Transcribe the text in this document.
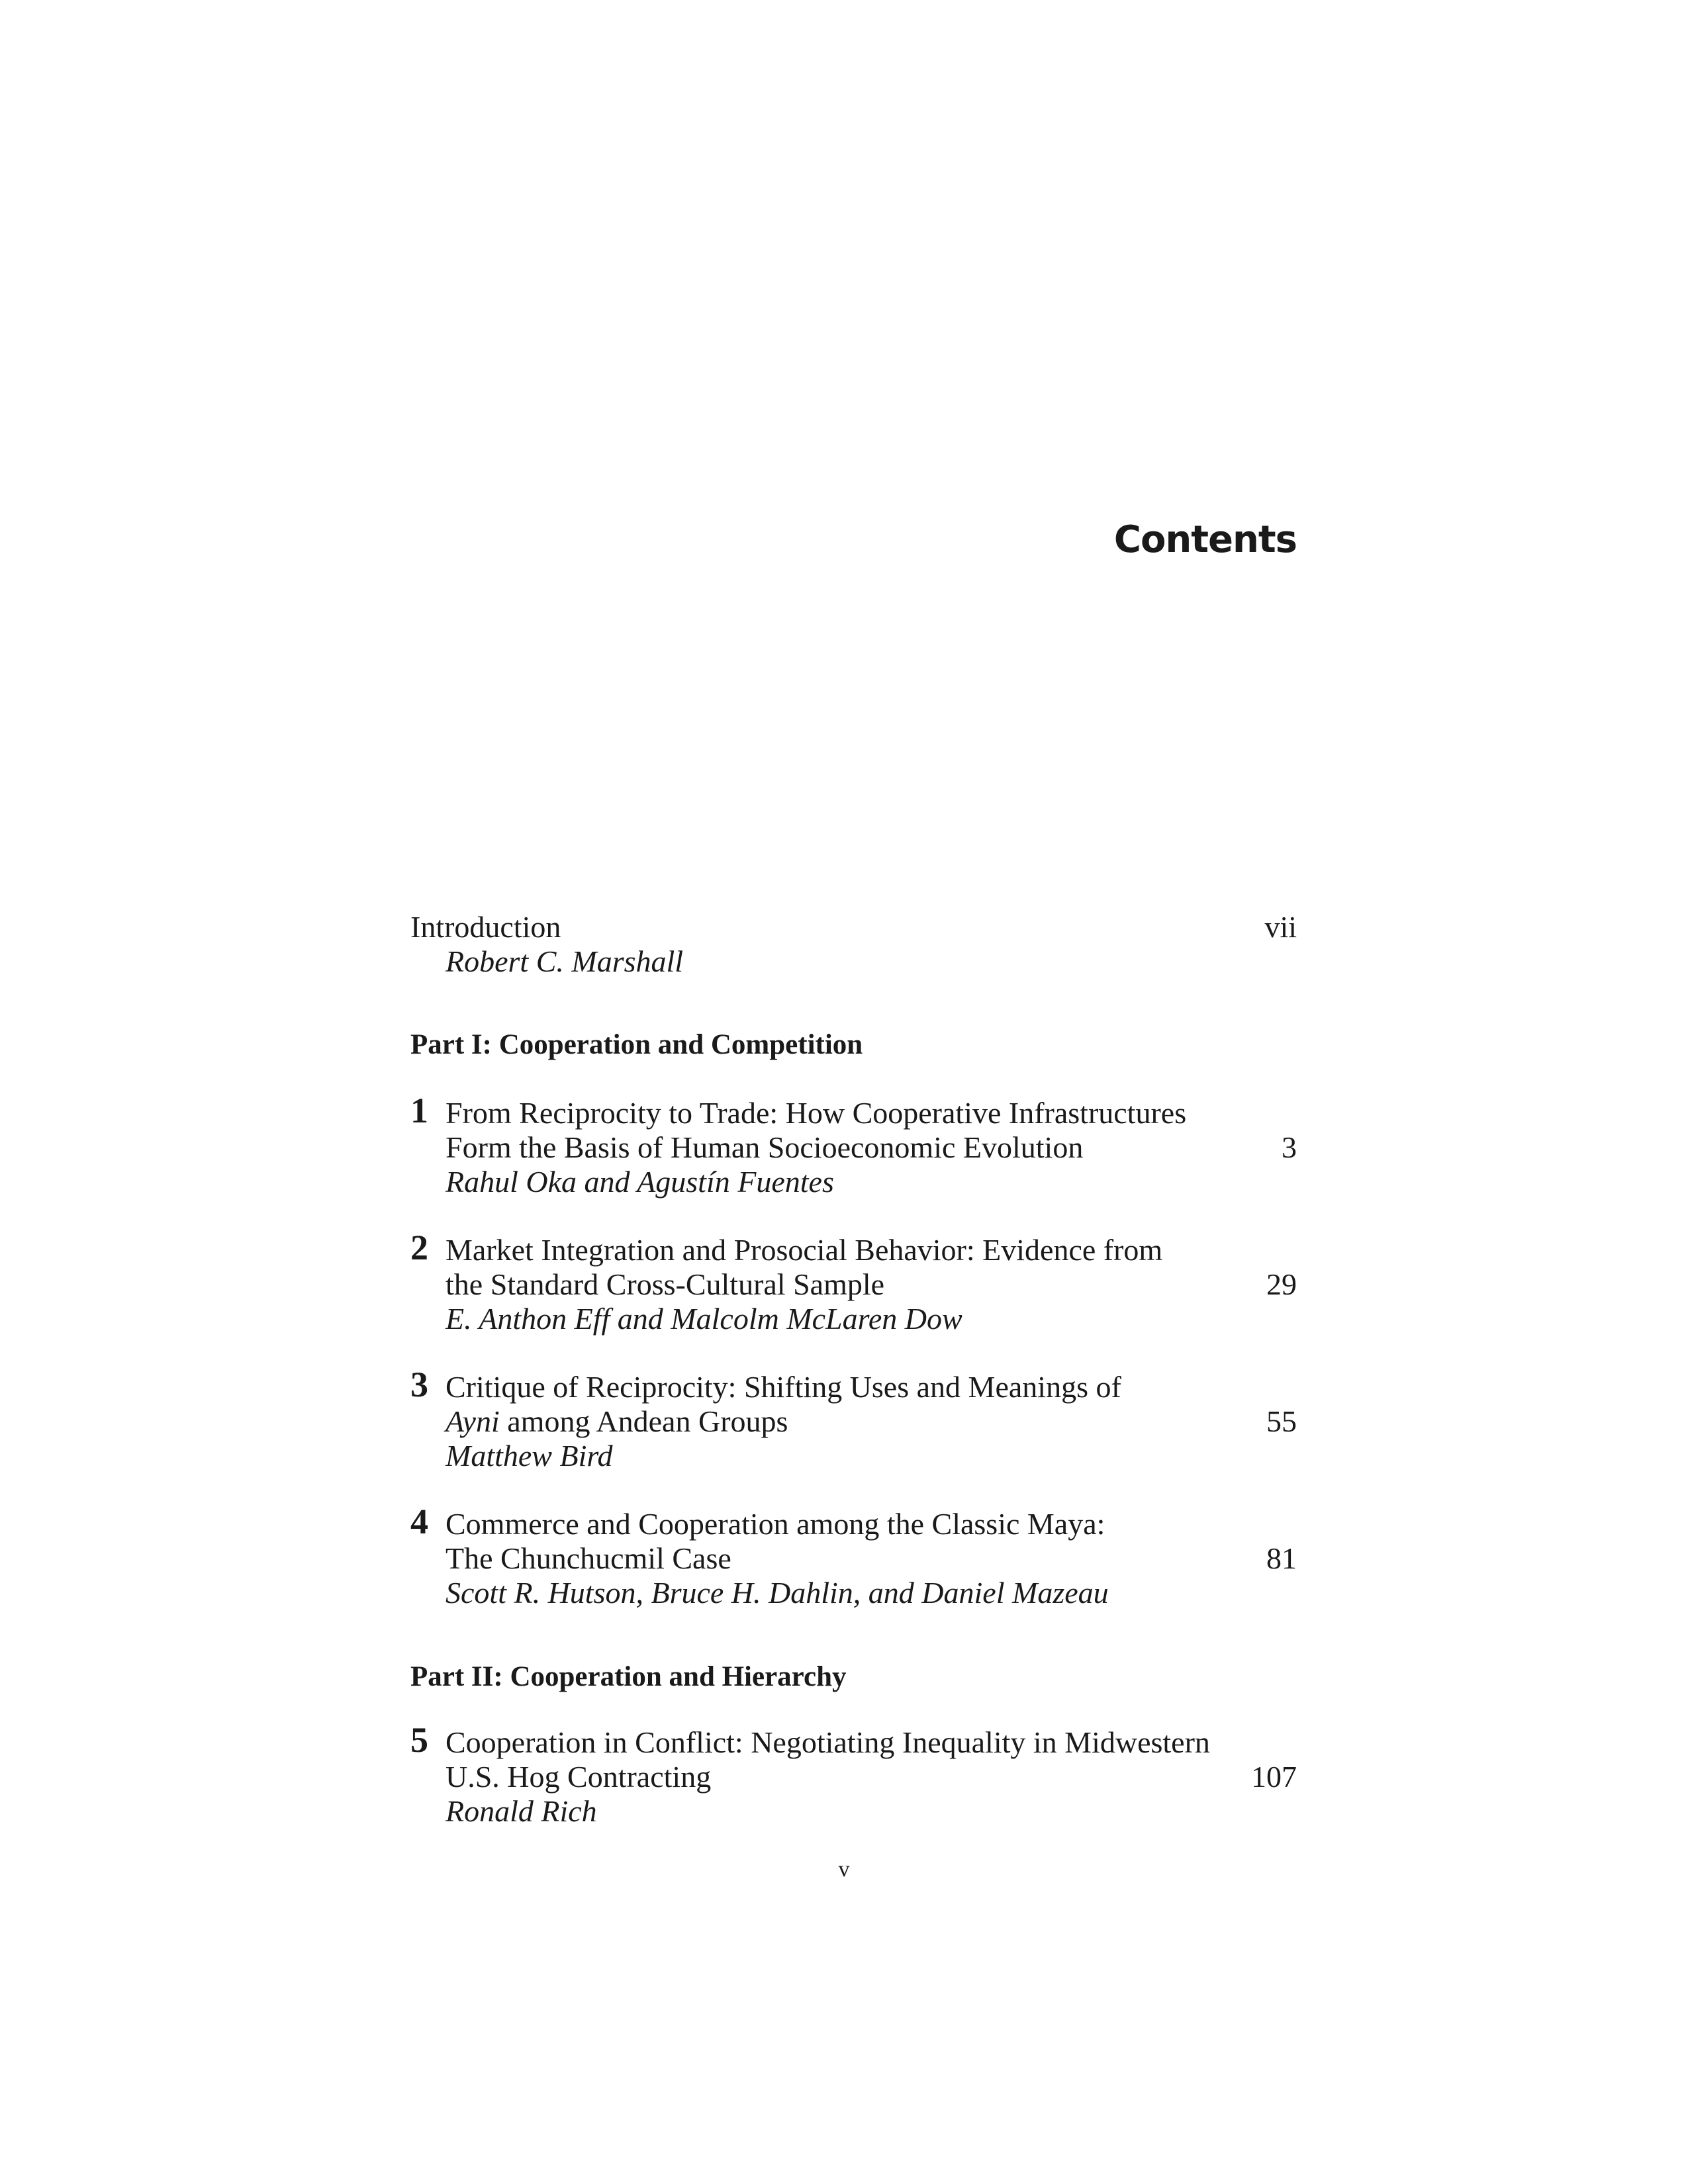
Contents
Introduction	vii
Robert C. Marshall
Part I: Cooperation and Competition
1 From Reciprocity to Trade: How Cooperative Infrastructures
Form the Basis of Human Socioeconomic Evolution	3
Rahul Oka and Agustín Fuentes
2 Market Integration and Prosocial Behavior: Evidence from
the Standard Cross-Cultural Sample	29
E. Anthon Eff and Malcolm McLaren Dow
3 Critique of Reciprocity: Shifting Uses and Meanings of
Ayni among Andean Groups	55
Matthew Bird
4 Commerce and Cooperation among the Classic Maya:
The Chunchucmil Case	81
Scott R. Hutson, Bruce H. Dahlin, and Daniel Mazeau
Part II: Cooperation and Hierarchy
5 Cooperation in Conflict: Negotiating Inequality in Midwestern
U.S. Hog Contracting	107
Ronald Rich
v
